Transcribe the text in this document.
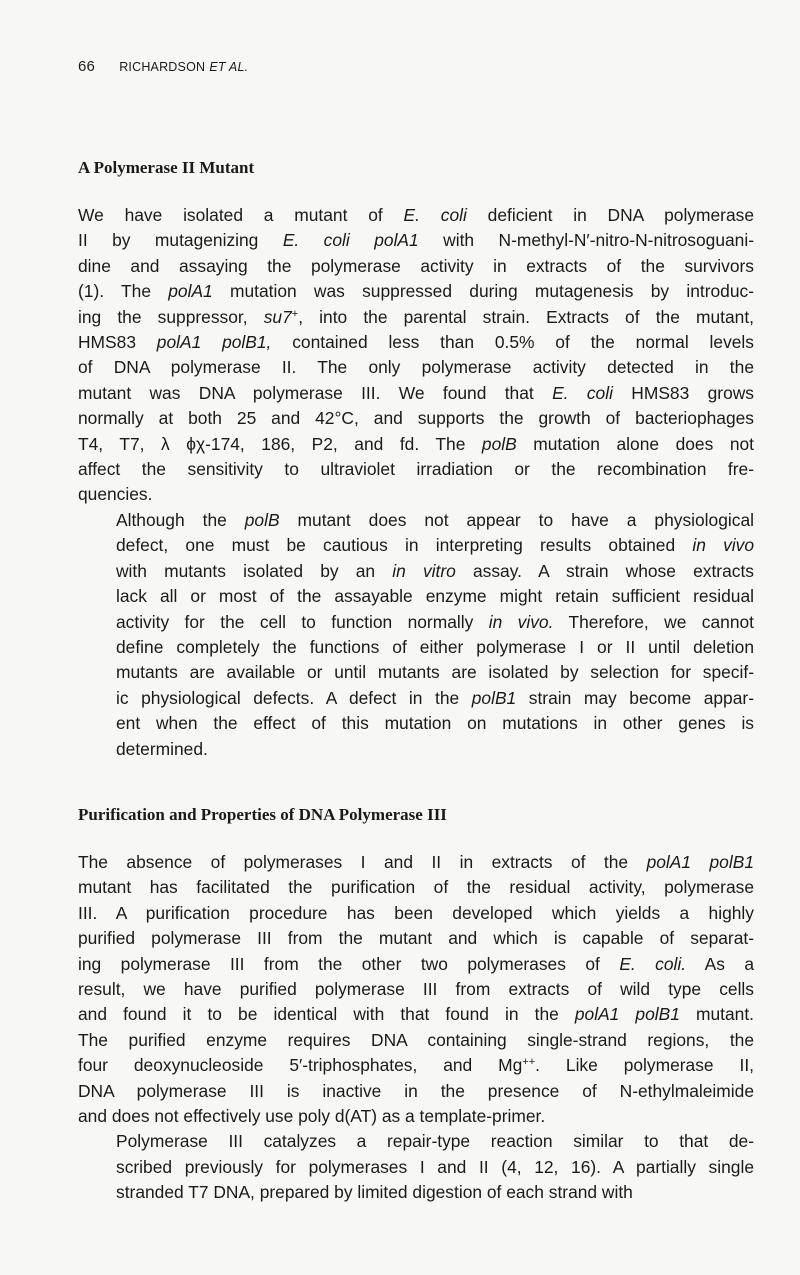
66 RICHARDSON ET AL.
A Polymerase II Mutant

We have isolated a mutant of E. coli deficient in DNA polymerase
II by mutagenizing E. coli polA1 with N-methyl-N′-nitro-N-nitrosoguani-
dine and assaying the polymerase activity in extracts of the survivors
(1). The polA1 mutation was suppressed during mutagenesis by introduc-
ing the suppressor, su7+, into the parental strain. Extracts of the mutant,
HMS83 polA1 polB1, contained less than 0.5% of the normal levels
of DNA polymerase II. The only polymerase activity detected in the
mutant was DNA polymerase III. We found that E. coli HMS83 grows
normally at both 25 and 42°C, and supports the growth of bacteriophages
T4, T7, λ ϕχ-174, 186, P2, and fd. The polB mutation alone does not
affect the sensitivity to ultraviolet irradiation or the recombination fre-
quencies.

Although the polB mutant does not appear to have a physiological
defect, one must be cautious in interpreting results obtained in vivo
with mutants isolated by an in vitro assay. A strain whose extracts
lack all or most of the assayable enzyme might retain sufficient residual
activity for the cell to function normally in vivo. Therefore, we cannot
define completely the functions of either polymerase I or II until deletion
mutants are available or until mutants are isolated by selection for specif-
ic physiological defects. A defect in the polB1 strain may become appar-
ent when the effect of this mutation on mutations in other genes is
determined.

Purification and Properties of DNA Polymerase III

The absence of polymerases I and II in extracts of the polA1 polB1
mutant has facilitated the purification of the residual activity, polymerase
III. A purification procedure has been developed which yields a highly
purified polymerase III from the mutant and which is capable of separat-
ing polymerase III from the other two polymerases of E. coli. As a
result, we have purified polymerase III from extracts of wild type cells
and found it to be identical with that found in the polA1 polB1 mutant.
The purified enzyme requires DNA containing single-strand regions, the
four deoxynucleoside 5′-triphosphates, and Mg++. Like polymerase II,
DNA polymerase III is inactive in the presence of N-ethylmaleimide
and does not effectively use poly d(AT) as a template-primer.

Polymerase III catalyzes a repair-type reaction similar to that de-
scribed previously for polymerases I and II (4, 12, 16). A partially single
stranded T7 DNA, prepared by limited digestion of each strand with
